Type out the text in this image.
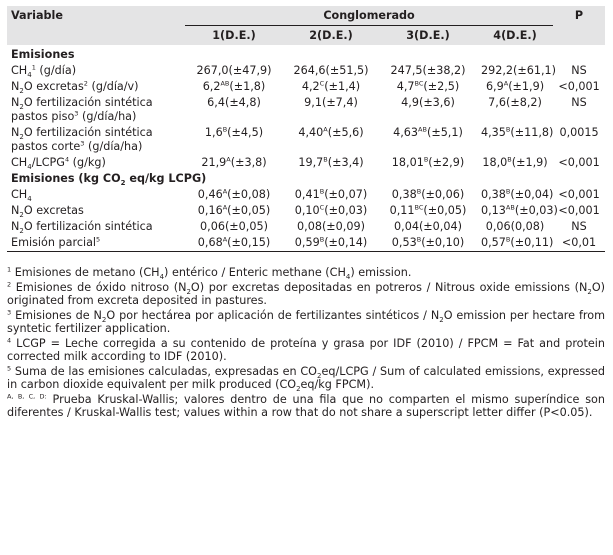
Variable	Conglomerado				P
	1(D.E.)	2(D.E.)	3(D.E.)	4(D.E.)	
Emisiones					
$CH_4^1$ (g/día)	267,0(±47,9)	264,6(±51,5)	247,5(±38,2)	292,2(±61,1)	NS
$N_2O$ excretas$^2$ (g/día/v)	$6,2^{AB}(\pm 1,8)$	$4,2^C(\pm 1,4)$	$4,7^{BC}(\pm 2,5)$	$6,9^A(\pm 1,9)$	<0,001
$N_2O$ fertilización sintética pastos piso$^3$ (g/día/ha)	6,4(±4,8)	9,1(±7,4)	4,9(±3,6)	7,6(±8,2)	NS
$N_2O$ fertilización sintética pastos corte$^3$ (g/día/ha)	$1,6^B(\pm 4,5)$	$4,40^A(\pm 5,6)$	$4,63^{AB}(\pm 5,1)$	$4,35^B(\pm 11,8)$	0,0015
$CH_4/LCPG^4$ (g/kg)	$21,9^A(\pm 3,8)$	$19,7^B(\pm 3,4)$	$18,01^B(\pm 2,9)$	$18,0^B(\pm 1,9)$	<0,001
Emisiones (kg $CO_2$ eq/kg LCPG)					
$CH_4$	$0,46^A(\pm 0,08)$	$0,41^B(\pm 0,07)$	$0,38^B(\pm 0,06)$	$0,38^B(\pm 0,04)$	<0,001
$N_2O$ excretas	$0,16^A(\pm 0,05)$	$0,10^C(\pm 0,03)$	$0,11^{BC}(\pm 0,05)$	$0,13^{AB}(\pm 0,03)$	<0,001
$N_2O$ fertilización sintética	0,06(±0,05)	0,08(±0,09)	0,04(±0,04)	0,06(0,08)	NS
Emisión parcial$^5$	$0,68^A(\pm 0,15)$	$0,59^B(\pm 0,14)$	$0,53^B(\pm 0,10)$	$0,57^B(\pm 0,11)$	<0,01

$^1$ Emisiones de metano $(CH_4)$ entérico / Enteric methane $(CH_4)$ emission.

$^2$ Emisiones de óxido nitroso $(N_2O)$ por excretas depositadas en potreros / Nitrous oxide emissions $(N_2O)$ originated from excreta deposited in pastures.

$^3$ Emisiones de $N_2O$ por hectárea por aplicación de fertilizantes sintéticos / $N_2O$ emission per hectare from syntetic fertilizer application.

$^4$ LCGP = Leche corregida a su contenido de proteína y grasa por IDF (2010) / FPCM = Fat and protein corrected milk according to IDF (2010).

$^5$ Suma de las emisiones calculadas, expresadas en $CO_2eq$/LCPG / Sum of calculated emissions, expressed in carbon dioxide equivalent per milk produced ($CO_2eq/kg$ FPCM).

$^{A, B, C, D:}$ Prueba Kruskal-Wallis; valores dentro de una fila que no comparten el mismo superíndice son diferentes / Kruskal-Wallis test; values within a row that do not share a superscript letter differ (P<0.05).
